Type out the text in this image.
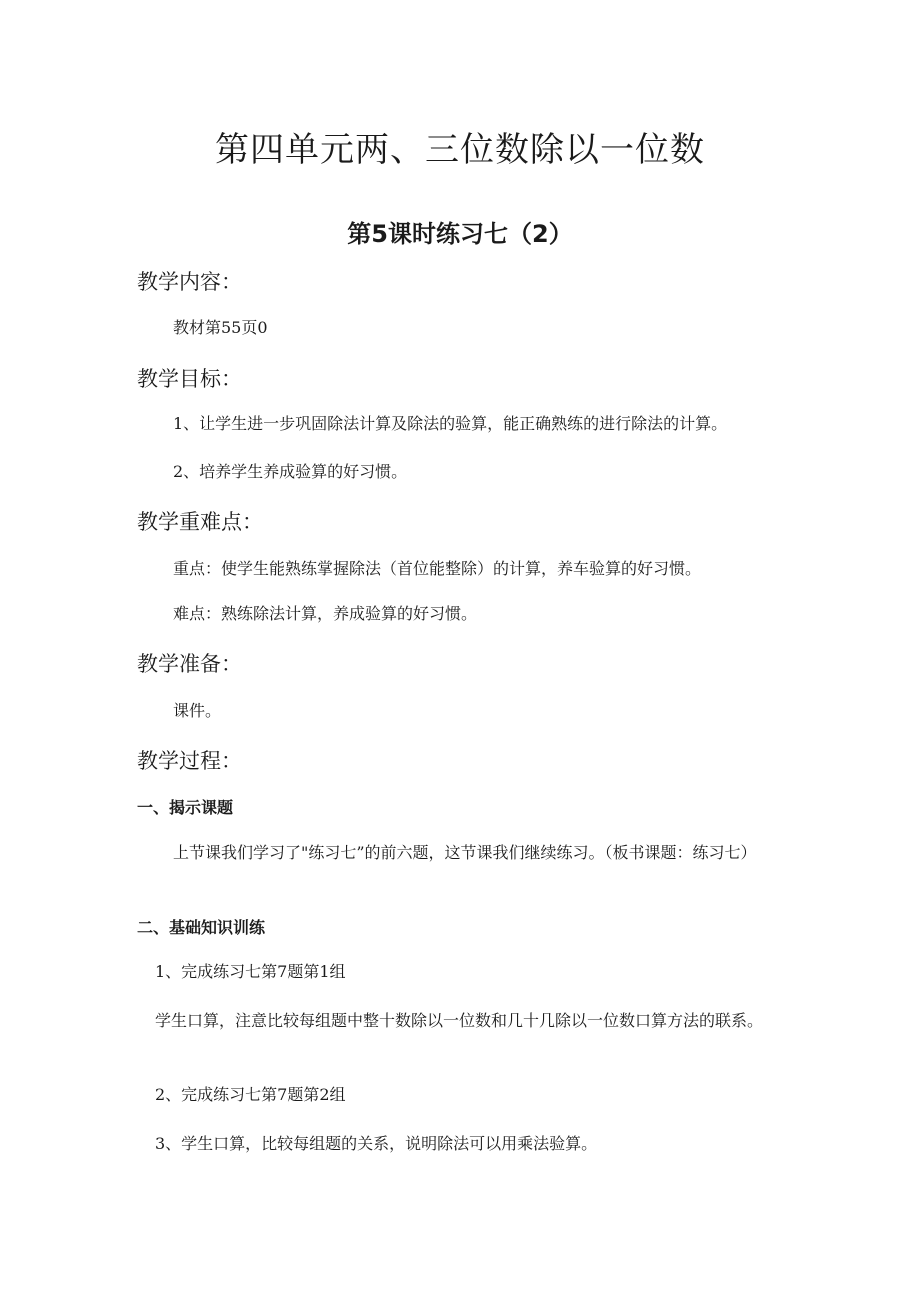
第四单元两、三位数除以一位数
第5课时练习七（2）
教学内容：
教材第55页0
教学目标：
1、让学生进一步巩固除法计算及除法的验算，能正确熟练的进行除法的计算。
2、培养学生养成验算的好习惯。
教学重难点：
重点：使学生能熟练掌握除法（首位能整除）的计算，养车验算的好习惯。
难点：熟练除法计算，养成验算的好习惯。
教学准备：
课件。
教学过程：
一、揭示课题
上节课我们学习了"练习七”的前六题，这节课我们继续练习。（板书课题：练习七）
二、基础知识训练
1、完成练习七第7题第1组
学生口算，注意比较每组题中整十数除以一位数和几十几除以一位数口算方法的联系。
2、完成练习七第7题第2组
3、学生口算，比较每组题的关系，说明除法可以用乘法验算。
